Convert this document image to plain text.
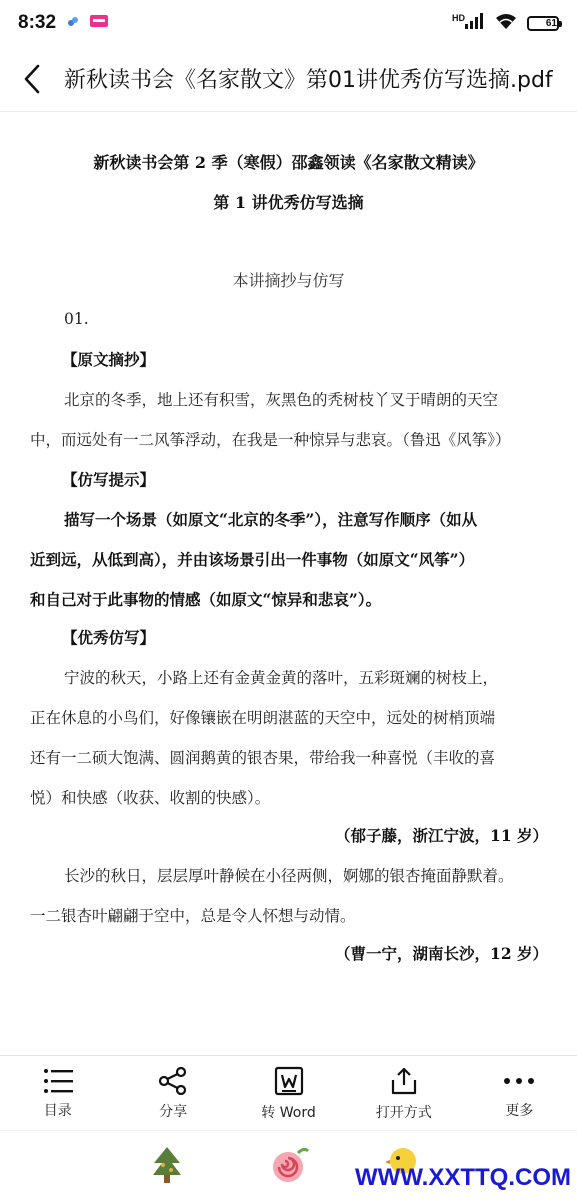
8:32	HD	61
新秋读书会《名家散文》第01讲优秀仿写选摘.pdf
新秋读书会第 2 季（寒假）邵鑫领读《名家散文精读》
第 1 讲优秀仿写选摘
本讲摘抄与仿写
01.
【原文摘抄】
北京的冬季，地上还有积雪，灰黑色的秃树枝丫叉于晴朗的天空
中，而远处有一二风筝浮动，在我是一种惊异与悲哀。（鲁迅《风筝》）
【仿写提示】
描写一个场景（如原文“北京的冬季”），注意写作顺序（如从
近到远，从低到高），并由该场景引出一件事物（如原文“风筝”）
和自己对于此事物的情感（如原文“惊异和悲哀”）。
【优秀仿写】
宁波的秋天，小路上还有金黄金黄的落叶，五彩斑斓的树枝上，
正在休息的小鸟们，好像镶嵌在明朗湛蓝的天空中，远处的树梢顶端
还有一二硕大饱满、圆润鹅黄的银杏果，带给我一种喜悦（丰收的喜
悦）和快感（收获、收割的快感）。
（郁子藤，浙江宁波，11 岁）
长沙的秋日，层层厚叶静候在小径两侧，婀娜的银杏掩面静默着。
一二银杏叶翩翩于空中，总是令人怀想与动情。
（曹一宁，湖南长沙，12 岁）
目录	分享	转 Word	打开方式	更多
WWW.XXTTQ.COM
